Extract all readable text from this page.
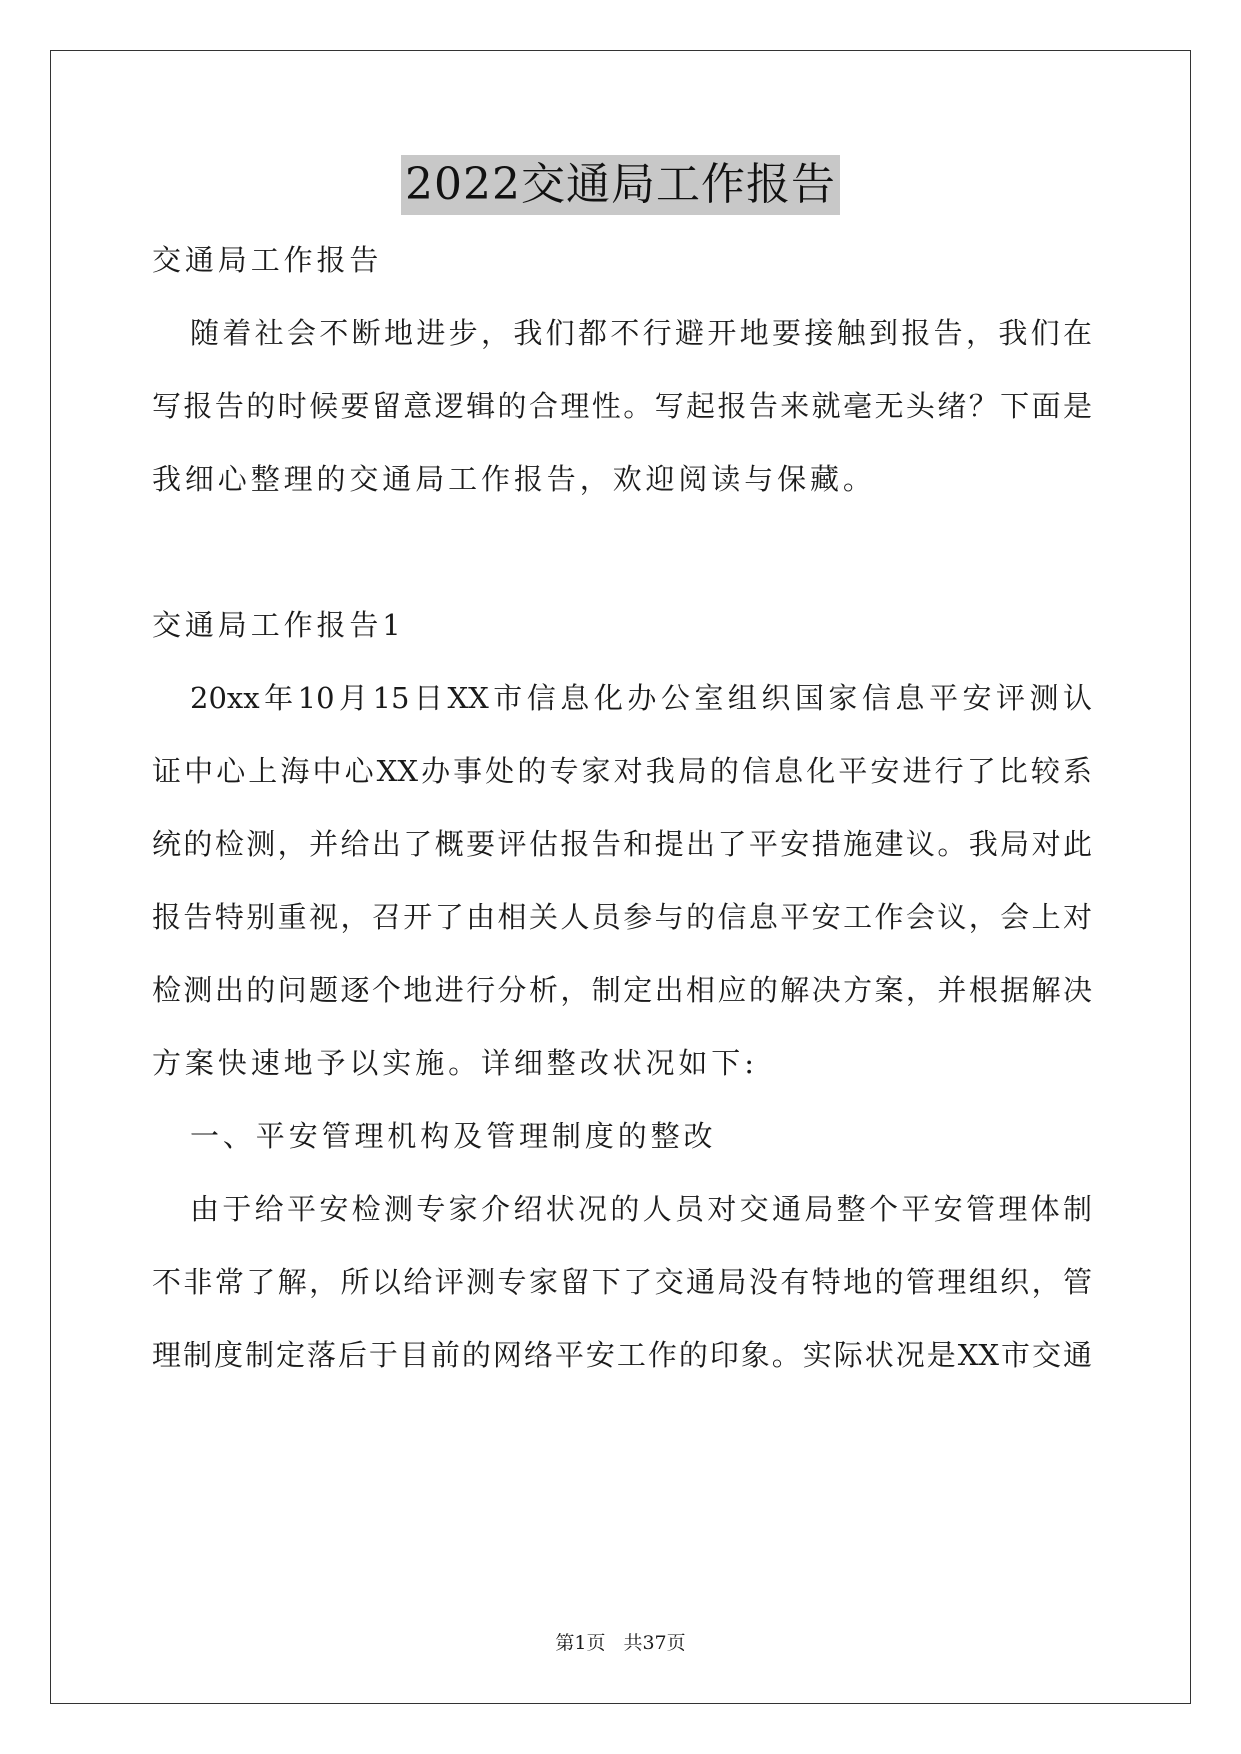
2022交通局工作报告
交通局工作报告
随着社会不断地进步，我们都不行避开地要接触到报告，我们在
写报告的时候要留意逻辑的合理性。写起报告来就毫无头绪？下面是
我细心整理的交通局工作报告，欢迎阅读与保藏。
交通局工作报告1
20xx年10月15日XX市信息化办公室组织国家信息平安评测认
证中心上海中心XX办事处的专家对我局的信息化平安进行了比较系
统的检测，并给出了概要评估报告和提出了平安措施建议。我局对此
报告特别重视，召开了由相关人员参与的信息平安工作会议，会上对
检测出的问题逐个地进行分析，制定出相应的解决方案，并根据解决
方案快速地予以实施。详细整改状况如下:
一、平安管理机构及管理制度的整改
由于给平安检测专家介绍状况的人员对交通局整个平安管理体制
不非常了解，所以给评测专家留下了交通局没有特地的管理组织，管
理制度制定落后于目前的网络平安工作的印象。实际状况是XX市交通
第1页 共37页
